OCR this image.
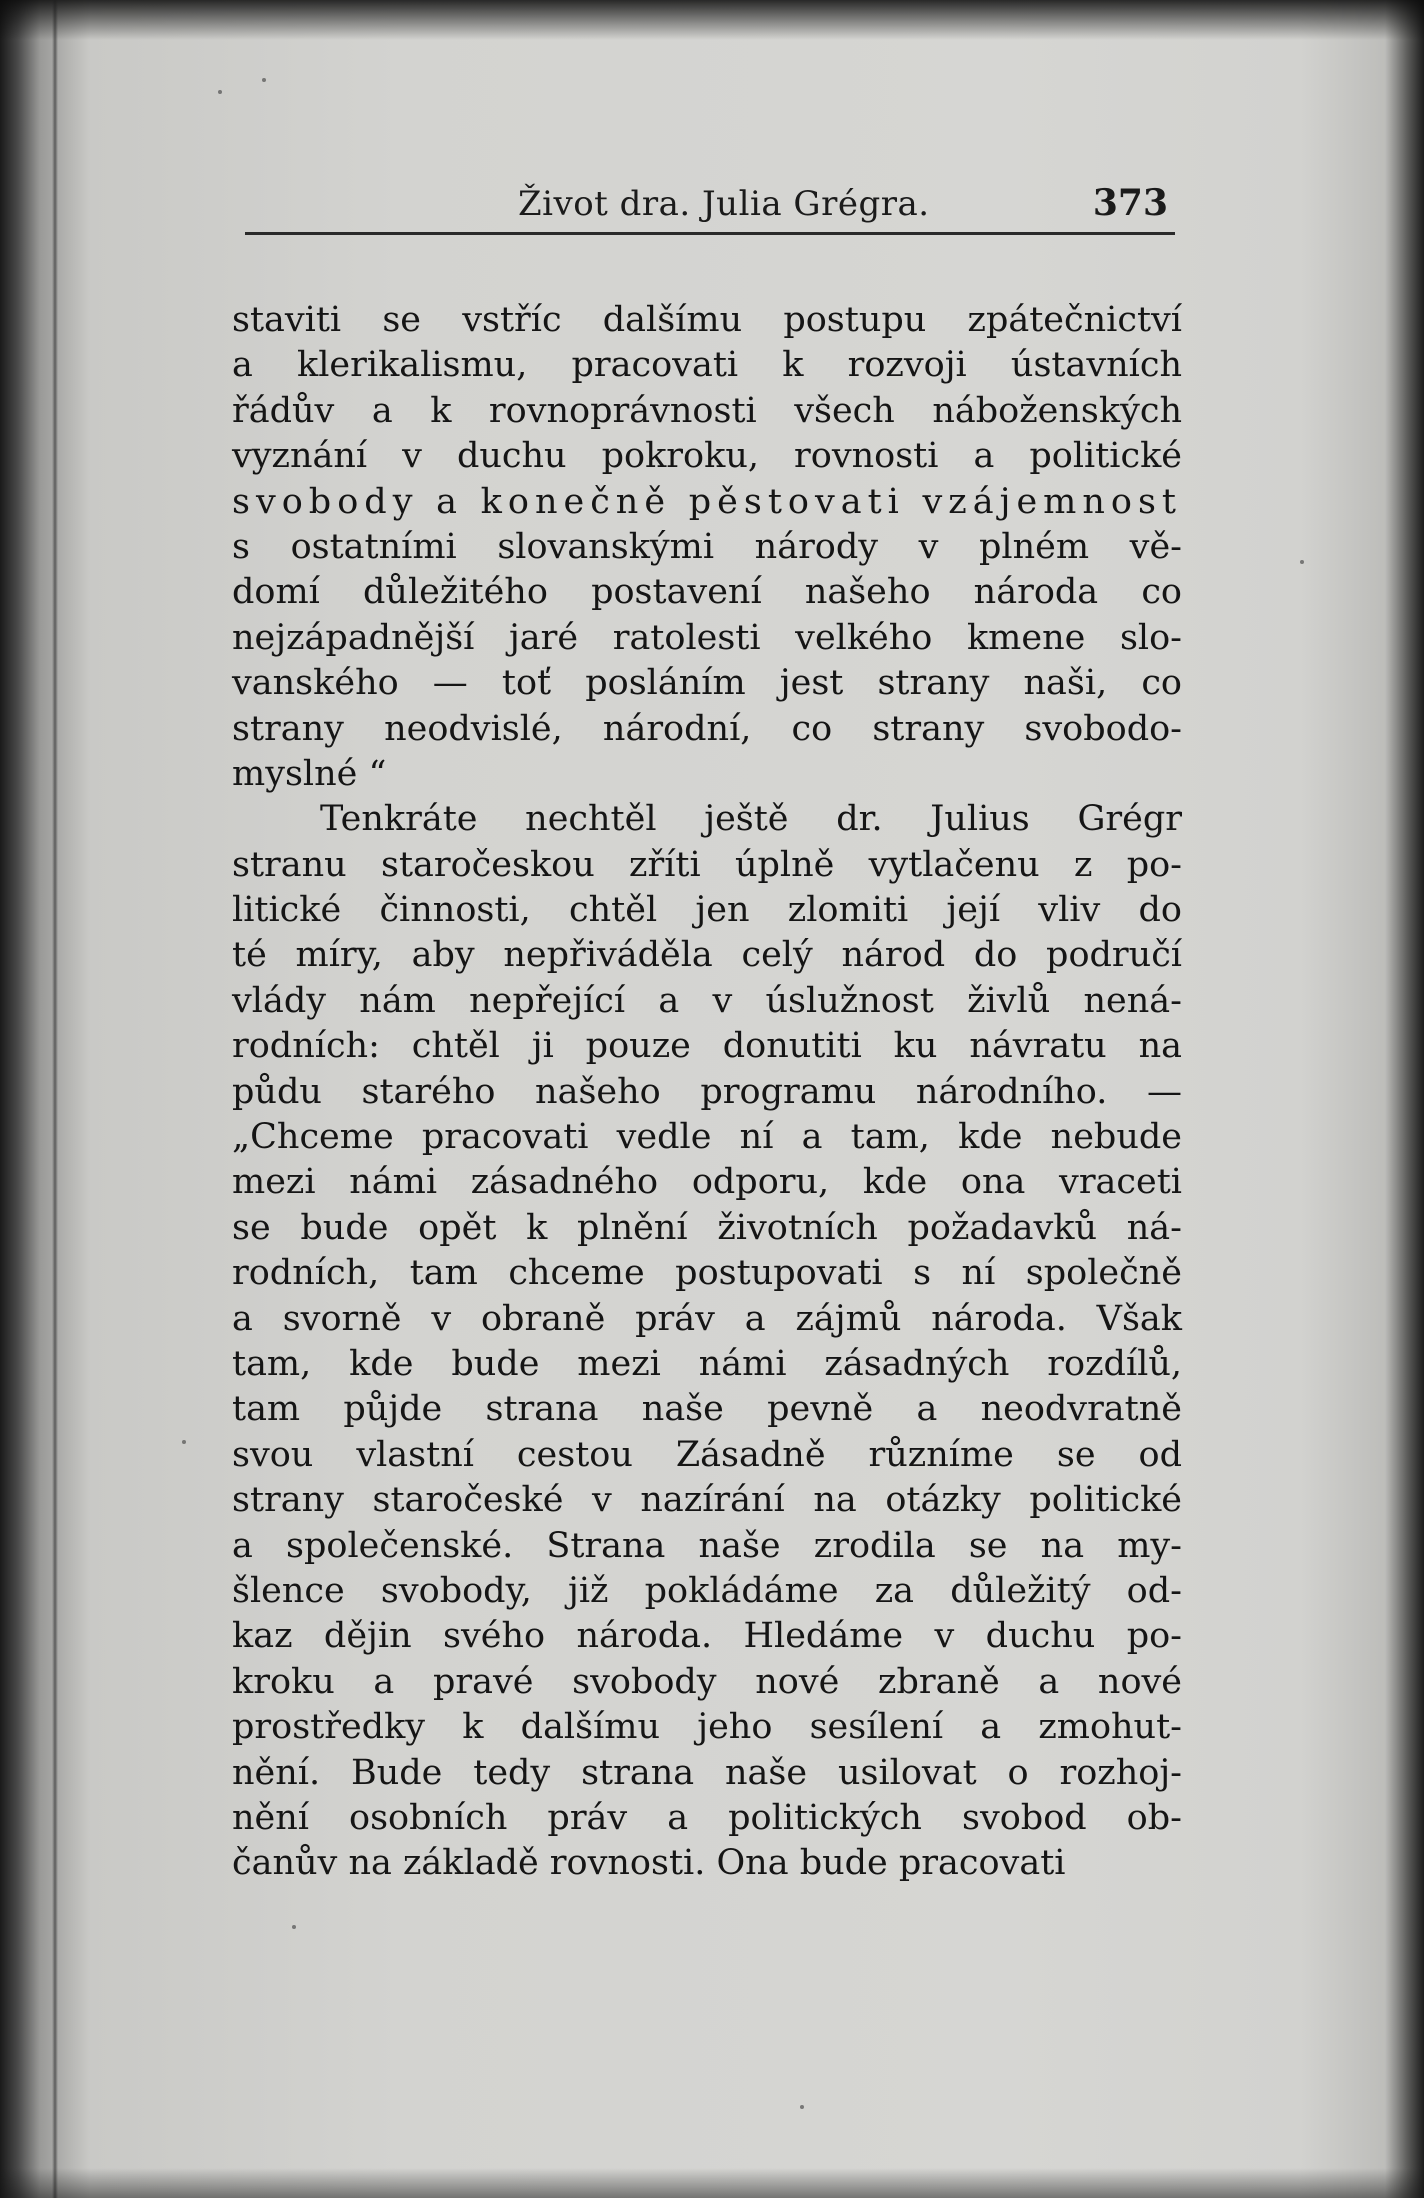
Život dra. Julia Grégra.	373
staviti se vstříc dalšímu postupu zpátečnictví
a klerikalismu, pracovati k rozvoji ústavních
řádův a k rovnoprávnosti všech náboženských
vyznání v duchu pokroku, rovnosti a politické
svobody a konečně pěstovati vzájemnost
s ostatními slovanskými národy v plném vě-
domí důležitého postavení našeho národa co
nejzápadnější jaré ratolesti velkého kmene slo-
vanského — toť posláním jest strany naši, co
strany neodvislé, národní, co strany svobodo-
myslné “
Tenkráte nechtěl ještě dr. Julius Grégr
stranu staročeskou zříti úplně vytlačenu z po-
litické činnosti, chtěl jen zlomiti její vliv do
té míry, aby nepřiváděla celý národ do područí
vlády nám nepřející a v úslužnost živlů nená-
rodních: chtěl ji pouze donutiti ku návratu na
půdu starého našeho programu národního. —
„Chceme pracovati vedle ní a tam, kde nebude
mezi námi zásadného odporu, kde ona vraceti
se bude opět k plnění životních požadavků ná-
rodních, tam chceme postupovati s ní společně
a svorně v obraně práv a zájmů národa. Však
tam, kde bude mezi námi zásadných rozdílů,
tam půjde strana naše pevně a neodvratně
svou vlastní cestou Zásadně různíme se od
strany staročeské v nazírání na otázky politické
a společenské. Strana naše zrodila se na my-
šlence svobody, již pokládáme za důležitý od-
kaz dějin svého národa. Hledáme v duchu po-
kroku a pravé svobody nové zbraně a nové
prostředky k dalšímu jeho sesílení a zmohut-
nění. Bude tedy strana naše usilovat o rozhoj-
nění osobních práv a politických svobod ob-
čanův na základě rovnosti. Ona bude pracovati
